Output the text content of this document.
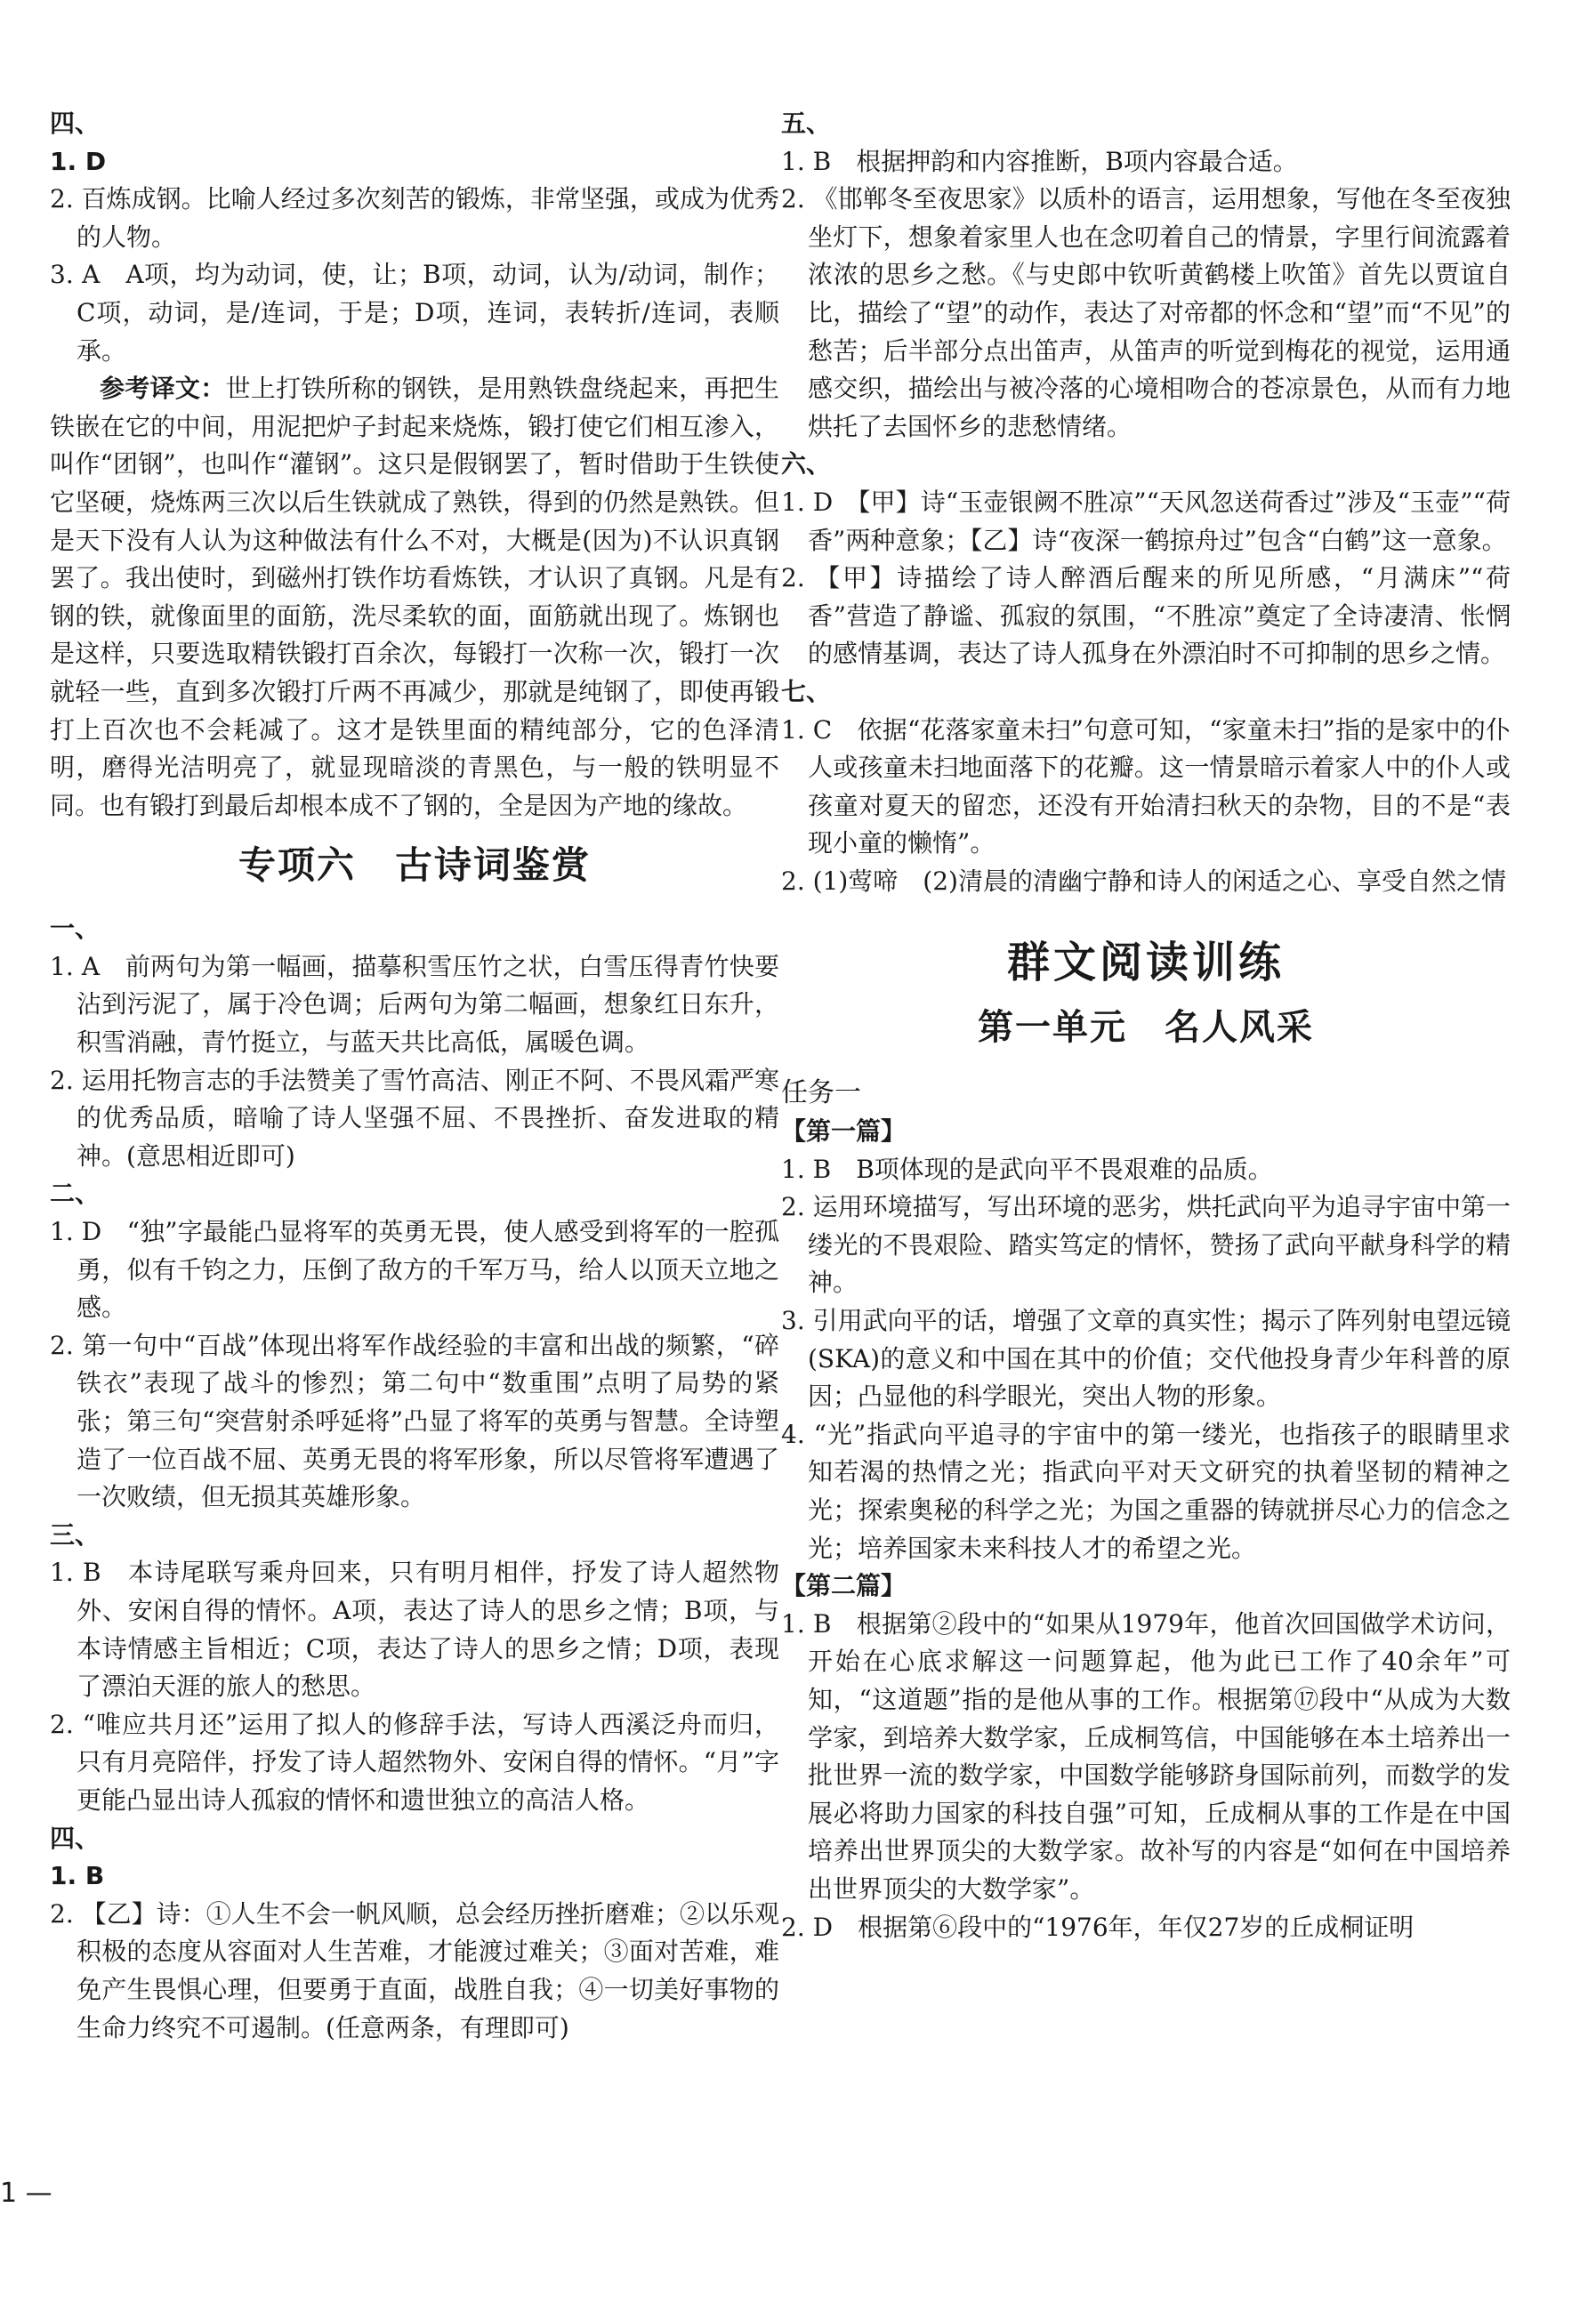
四、
1. D
2. 百炼成钢。比喻人经过多次刻苦的锻炼，非常坚强，或成为优秀的人物。
3. A　A项，均为动词，使，让；B项，动词，认为/动词，制作；C项，动词，是/连词，于是；D项，连词，表转折/连词，表顺承。
参考译文：世上打铁所称的钢铁，是用熟铁盘绕起来，再把生铁嵌在它的中间，用泥把炉子封起来烧炼，锻打使它们相互渗入，叫作“团钢”，也叫作“灌钢”。这只是假钢罢了，暂时借助于生铁使它坚硬，烧炼两三次以后生铁就成了熟铁，得到的仍然是熟铁。但是天下没有人认为这种做法有什么不对，大概是(因为)不认识真钢罢了。我出使时，到磁州打铁作坊看炼铁，才认识了真钢。凡是有钢的铁，就像面里的面筋，洗尽柔软的面，面筋就出现了。炼钢也是这样，只要选取精铁锻打百余次，每锻打一次称一次，锻打一次就轻一些，直到多次锻打斤两不再减少，那就是纯钢了，即使再锻打上百次也不会耗减了。这才是铁里面的精纯部分，它的色泽清明，磨得光洁明亮了，就显现暗淡的青黑色，与一般的铁明显不同。也有锻打到最后却根本成不了钢的，全是因为产地的缘故。
专项六　古诗词鉴赏
一、
1. A　前两句为第一幅画，描摹积雪压竹之状，白雪压得青竹快要沾到污泥了，属于冷色调；后两句为第二幅画，想象红日东升，积雪消融，青竹挺立，与蓝天共比高低，属暖色调。
2. 运用托物言志的手法赞美了雪竹高洁、刚正不阿、不畏风霜严寒的优秀品质，暗喻了诗人坚强不屈、不畏挫折、奋发进取的精神。(意思相近即可)
二、
1. D　“独”字最能凸显将军的英勇无畏，使人感受到将军的一腔孤勇，似有千钧之力，压倒了敌方的千军万马，给人以顶天立地之感。
2. 第一句中“百战”体现出将军作战经验的丰富和出战的频繁，“碎铁衣”表现了战斗的惨烈；第二句中“数重围”点明了局势的紧张；第三句“突营射杀呼延将”凸显了将军的英勇与智慧。全诗塑造了一位百战不屈、英勇无畏的将军形象，所以尽管将军遭遇了一次败绩，但无损其英雄形象。
三、
1. B　本诗尾联写乘舟回来，只有明月相伴，抒发了诗人超然物外、安闲自得的情怀。A项，表达了诗人的思乡之情；B项，与本诗情感主旨相近；C项，表达了诗人的思乡之情；D项，表现了漂泊天涯的旅人的愁思。
2. “唯应共月还”运用了拟人的修辞手法，写诗人西溪泛舟而归，只有月亮陪伴，抒发了诗人超然物外、安闲自得的情怀。“月”字更能凸显出诗人孤寂的情怀和遗世独立的高洁人格。
四、
1. B
2. 【乙】诗：①人生不会一帆风顺，总会经历挫折磨难；②以乐观积极的态度从容面对人生苦难，才能渡过难关；③面对苦难，难免产生畏惧心理，但要勇于直面，战胜自我；④一切美好事物的生命力终究不可遏制。(任意两条，有理即可)
五、
1. B　根据押韵和内容推断，B项内容最合适。
2. 《邯郸冬至夜思家》以质朴的语言，运用想象，写他在冬至夜独坐灯下，想象着家里人也在念叨着自己的情景，字里行间流露着浓浓的思乡之愁。《与史郎中钦听黄鹤楼上吹笛》首先以贾谊自比，描绘了“望”的动作，表达了对帝都的怀念和“望”而“不见”的愁苦；后半部分点出笛声，从笛声的听觉到梅花的视觉，运用通感交织，描绘出与被冷落的心境相吻合的苍凉景色，从而有力地烘托了去国怀乡的悲愁情绪。
六、
1. D　【甲】诗“玉壶银阙不胜凉”“天风忽送荷香过”涉及“玉壶”“荷香”两种意象；【乙】诗“夜深一鹤掠舟过”包含“白鹤”这一意象。
2. 【甲】诗描绘了诗人醉酒后醒来的所见所感，“月满床”“荷香”营造了静谧、孤寂的氛围，“不胜凉”奠定了全诗凄清、怅惘的感情基调，表达了诗人孤身在外漂泊时不可抑制的思乡之情。
七、
1. C　依据“花落家童未扫”句意可知，“家童未扫”指的是家中的仆人或孩童未扫地面落下的花瓣。这一情景暗示着家人中的仆人或孩童对夏天的留恋，还没有开始清扫秋天的杂物，目的不是“表现小童的懒惰”。
2. (1)莺啼　(2)清晨的清幽宁静和诗人的闲适之心、享受自然之情
群文阅读训练
第一单元　名人风采
任务一
【第一篇】
1. B　B项体现的是武向平不畏艰难的品质。
2. 运用环境描写，写出环境的恶劣，烘托武向平为追寻宇宙中第一缕光的不畏艰险、踏实笃定的情怀，赞扬了武向平献身科学的精神。
3. 引用武向平的话，增强了文章的真实性；揭示了阵列射电望远镜(SKA)的意义和中国在其中的价值；交代他投身青少年科普的原因；凸显他的科学眼光，突出人物的形象。
4. “光”指武向平追寻的宇宙中的第一缕光，也指孩子的眼睛里求知若渴的热情之光；指武向平对天文研究的执着坚韧的精神之光；探索奥秘的科学之光；为国之重器的铸就拼尽心力的信念之光；培养国家未来科技人才的希望之光。
【第二篇】
1. B　根据第②段中的“如果从1979年，他首次回国做学术访问，开始在心底求解这一问题算起，他为此已工作了40余年”可知，“这道题”指的是他从事的工作。根据第⑰段中“从成为大数学家，到培养大数学家，丘成桐笃信，中国能够在本土培养出一批世界一流的数学家，中国数学能够跻身国际前列，而数学的发展必将助力国家的科技自强”可知，丘成桐从事的工作是在中国培养出世界顶尖的大数学家。故补写的内容是“如何在中国培养出世界顶尖的大数学家”。
2. D　根据第⑥段中的“1976年，年仅27岁的丘成桐证明
1 —
